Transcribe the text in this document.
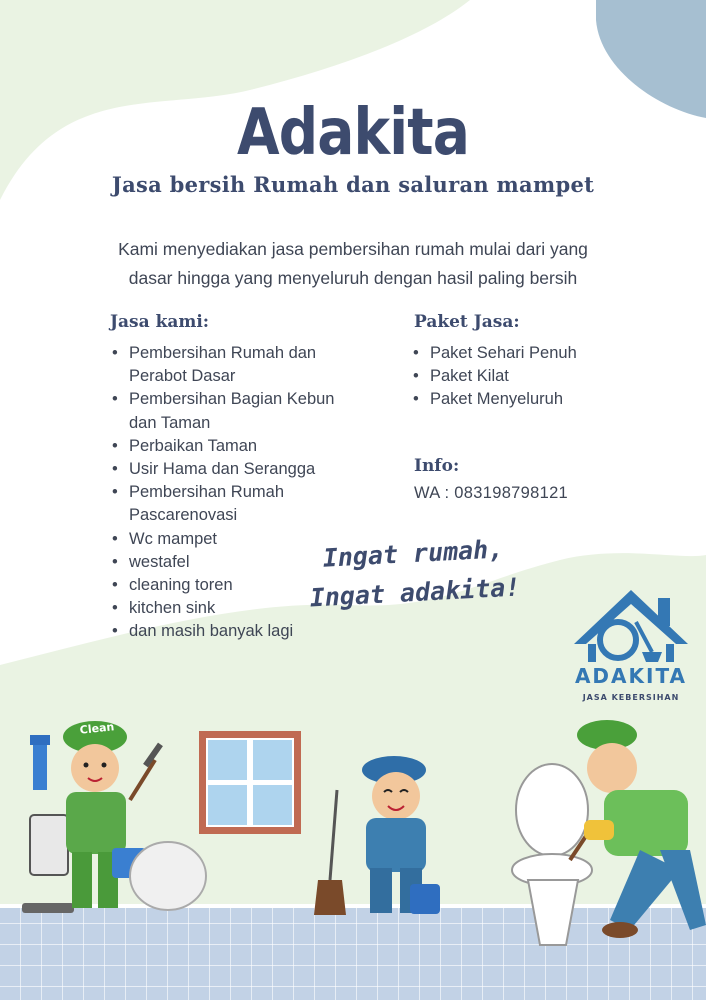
Adakita

Jasa bersih Rumah dan saluran mampet

Kami menyediakan jasa pembersihan rumah mulai dari yang
dasar hingga yang menyeluruh dengan hasil paling bersih
Jasa kami:
• Pembersihan Rumah dan Perabot Dasar
• Pembersihan Bagian Kebun dan Taman
• Perbaikan Taman
• Usir Hama dan Serangga
• Pembersihan Rumah Pascarenovasi
• Wc mampet
• westafel
• cleaning toren
• kitchen sink
• dan masih banyak lagi
Paket Jasa:
• Paket Sehari Penuh
• Paket Kilat
• Paket Menyeluruh
Info:

WA : 083198798121

Ingat rumah,
Ingat adakita!

ADAKITA

JASA KEBERSIHAN

Clean
